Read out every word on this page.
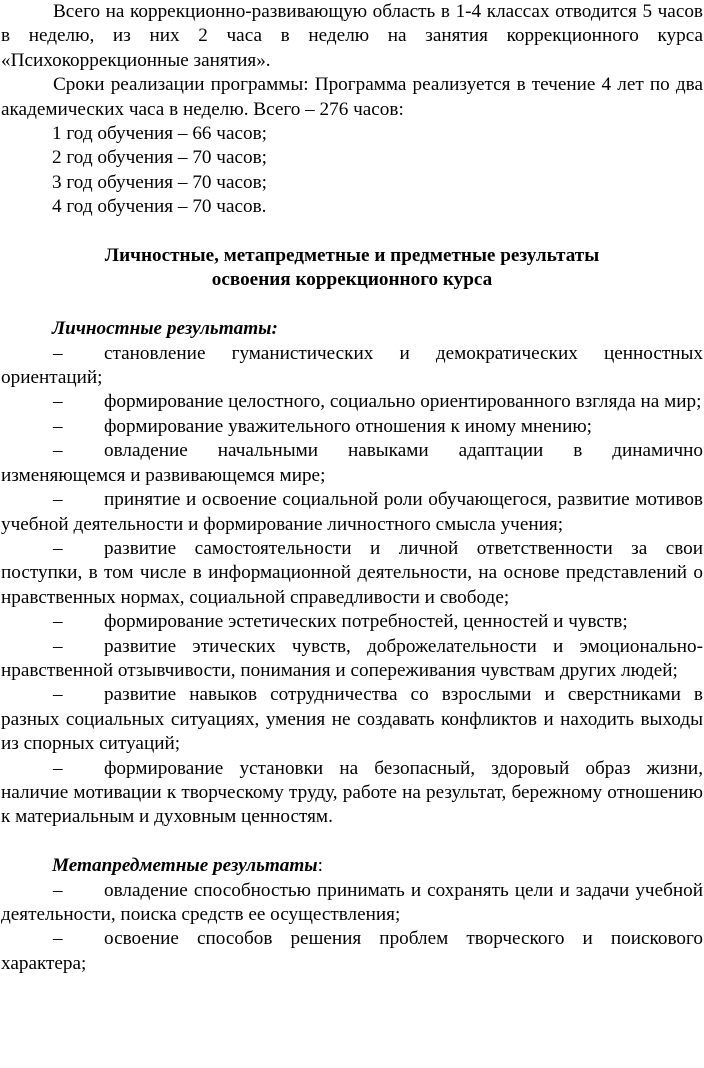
Всего на коррекционно-развивающую область в 1-4 классах отводится 5 часов в неделю, из них 2 часа в неделю на занятия коррекционного курса «Психокоррекционные занятия».

Сроки реализации программы: Программа реализуется в течение 4 лет по два академических часа в неделю. Всего – 276 часов:

1 год обучения – 66 часов;

2 год обучения – 70 часов;

3 год обучения – 70 часов;

4 год обучения – 70 часов.

Личностные, метапредметные и предметные результаты

освоения коррекционного курса

Личностные результаты:

– становление гуманистических и демократических ценностных ориентаций;

– формирование целостного, социально ориентированного взгляда на мир;

– формирование уважительного отношения к иному мнению;

– овладение начальными навыками адаптации в динамично изменяющемся и развивающемся мире;

– принятие и освоение социальной роли обучающегося, развитие мотивов учебной деятельности и формирование личностного смысла учения;

– развитие самостоятельности и личной ответственности за свои поступки, в том числе в информационной деятельности, на основе представлений о нравственных нормах, социальной справедливости и свободе;

– формирование эстетических потребностей, ценностей и чувств;

– развитие этических чувств, доброжелательности и эмоционально-нравственной отзывчивости, понимания и сопереживания чувствам других людей;

– развитие навыков сотрудничества со взрослыми и сверстниками в разных социальных ситуациях, умения не создавать конфликтов и находить выходы из спорных ситуаций;

– формирование установки на безопасный, здоровый образ жизни, наличие мотивации к творческому труду, работе на результат, бережному отношению к материальным и духовным ценностям.

Метапредметные результаты:

– овладение способностью принимать и сохранять цели и задачи учебной деятельности, поиска средств ее осуществления;

– освоение способов решения проблем творческого и поискового характера;
